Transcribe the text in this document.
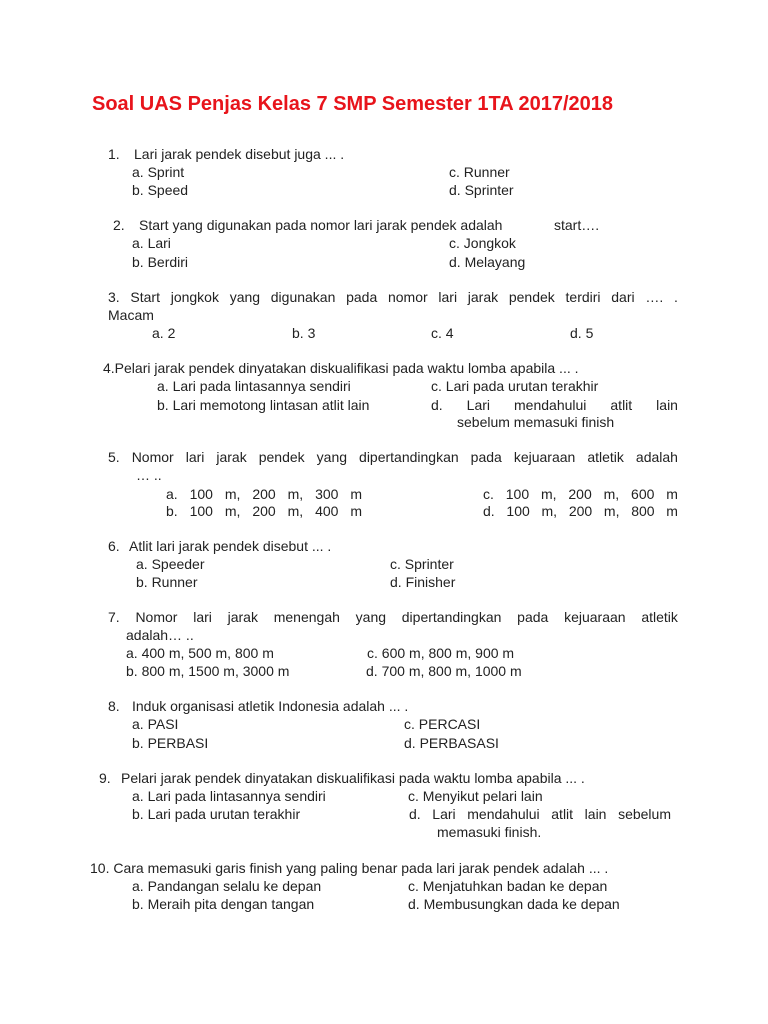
Soal UAS Penjas Kelas 7 SMP Semester 1TA 2017/2018
1. Lari jarak pendek disebut juga ... .
a. Sprint
b. Speed
c. Runner
d. Sprinter
2. Start yang digunakan pada nomor lari jarak pendek adalah	start….
a. Lari
b. Berdiri
c. Jongkok
d. Melayang
3. Start jongkok yang digunakan pada nomor lari jarak pendek terdiri dari …. .
Macam
a. 2	b. 3	c. 4	d. 5
4.Pelari jarak pendek dinyatakan diskualifikasi pada waktu lomba apabila ... .
a. Lari pada lintasannya sendiri
b. Lari memotong lintasan atlit lain
c. Lari pada urutan terakhir
d. Lari mendahului atlit lain
sebelum memasuki finish
5. Nomor lari jarak pendek yang dipertandingkan pada kejuaraan atletik adalah
… ..
a. 100 m, 200 m, 300 m
b. 100 m, 200 m, 400 m
c. 100 m, 200 m, 600 m
d. 100 m, 200 m, 800 m
6. Atlit lari jarak pendek disebut ... .
a. Speeder
b. Runner
c. Sprinter
d. Finisher
7. Nomor lari jarak menengah yang dipertandingkan pada kejuaraan atletik
adalah… ..
a. 400 m, 500 m, 800 m
b. 800 m, 1500 m, 3000 m
c. 600 m, 800 m, 900 m
d. 700 m, 800 m, 1000 m
8. Induk organisasi atletik Indonesia adalah ... .
a. PASI
b. PERBASI
c. PERCASI
d. PERBASASI
9. Pelari jarak pendek dinyatakan diskualifikasi pada waktu lomba apabila ... .
a. Lari pada lintasannya sendiri
b. Lari pada urutan terakhir
c. Menyikut pelari lain
d. Lari mendahului atlit lain sebelum
memasuki finish.
10. Cara memasuki garis finish yang paling benar pada lari jarak pendek adalah ... .
a. Pandangan selalu ke depan
b. Meraih pita dengan tangan
c. Menjatuhkan badan ke depan
d. Membusungkan dada ke depan
